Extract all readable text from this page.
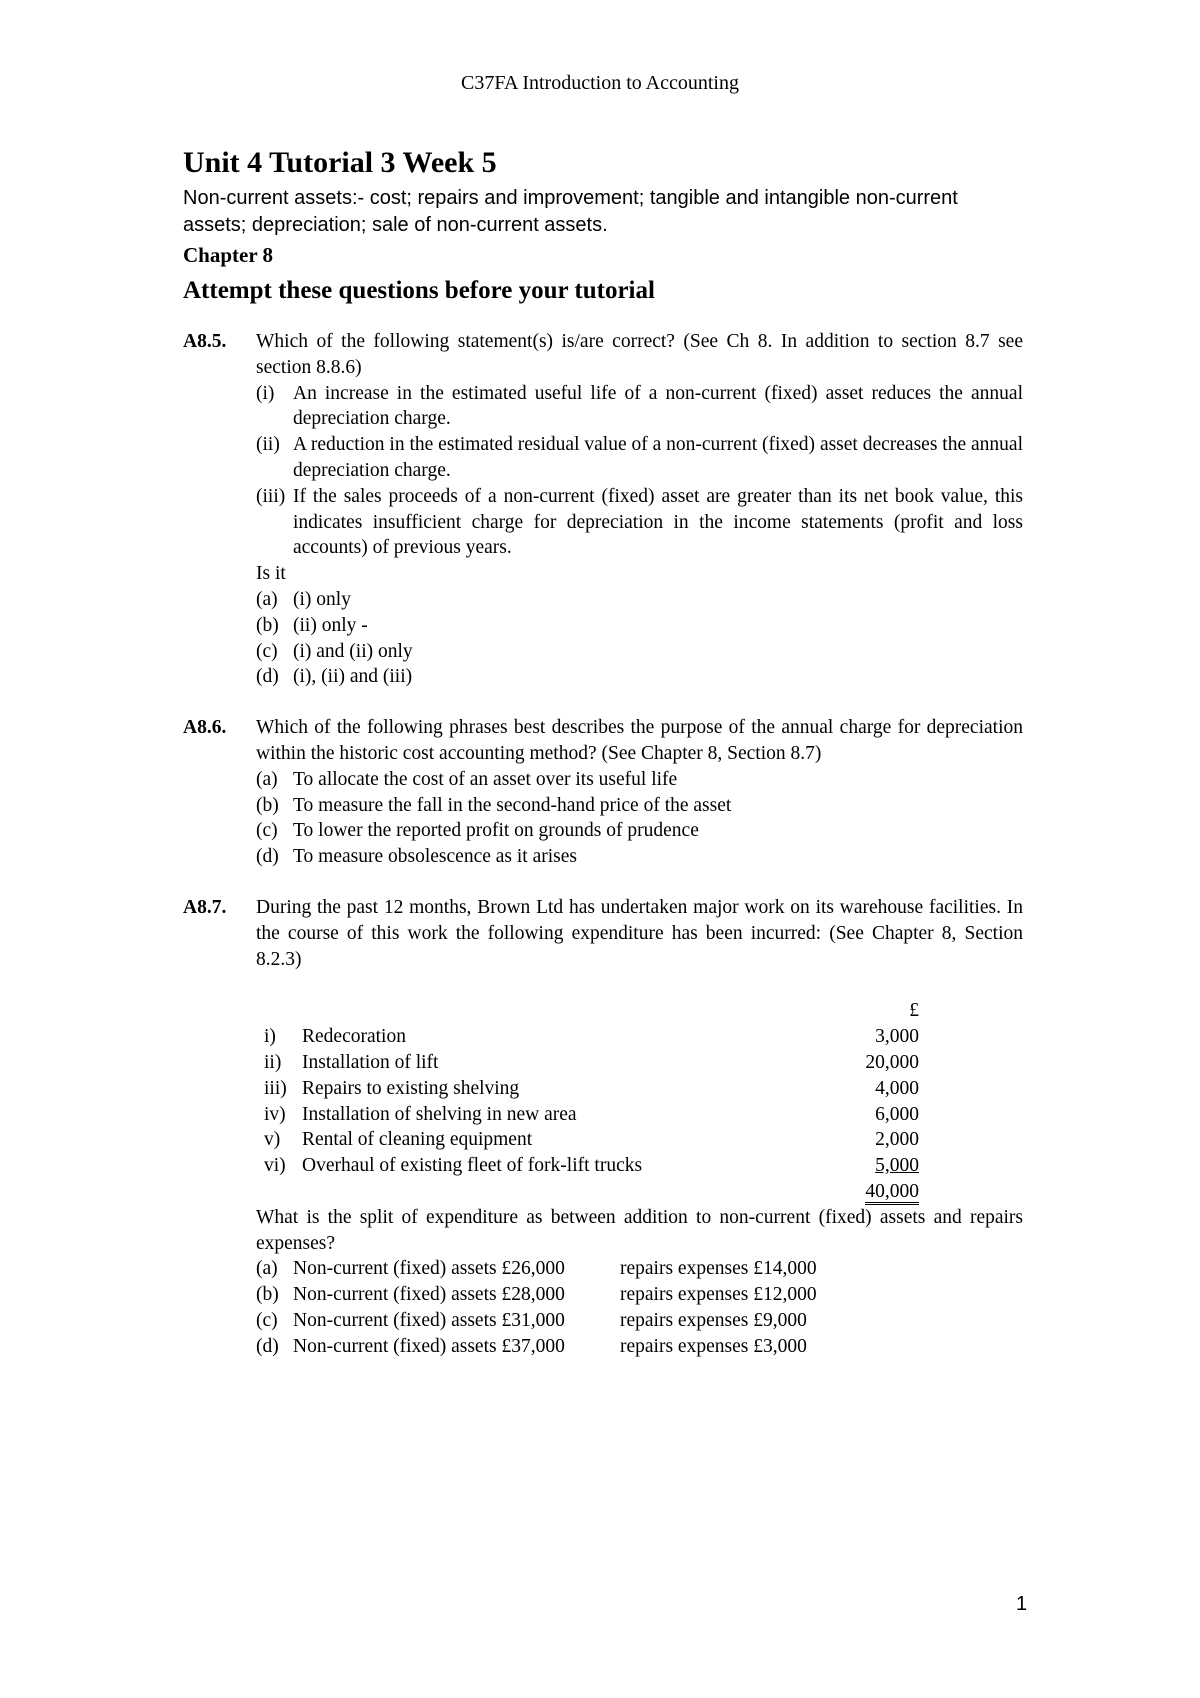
C37FA Introduction to Accounting
Unit 4 Tutorial 3 Week 5
Non-current assets:- cost; repairs and improvement; tangible and intangible non-current assets; depreciation; sale of non-current assets.
Chapter 8
Attempt these questions before your tutorial
A8.5. Which of the following statement(s) is/are correct? (See Ch 8. In addition to section 8.7 see section 8.8.6)
(i) An increase in the estimated useful life of a non-current (fixed) asset reduces the annual depreciation charge.
(ii) A reduction in the estimated residual value of a non-current (fixed) asset decreases the annual depreciation charge.
(iii) If the sales proceeds of a non-current (fixed) asset are greater than its net book value, this indicates insufficient charge for depreciation in the income statements (profit and loss accounts) of previous years.
Is it
(a) (i) only
(b) (ii) only -
(c) (i) and (ii) only
(d) (i), (ii) and (iii)
A8.6. Which of the following phrases best describes the purpose of the annual charge for depreciation within the historic cost accounting method? (See Chapter 8, Section 8.7)
(a) To allocate the cost of an asset over its useful life
(b) To measure the fall in the second-hand price of the asset
(c) To lower the reported profit on grounds of prudence
(d) To measure obsolescence as it arises
A8.7. During the past 12 months, Brown Ltd has undertaken major work on its warehouse facilities. In the course of this work the following expenditure has been incurred: (See Chapter 8, Section 8.2.3)
		£
i)	Redecoration	3,000
ii)	Installation of lift	20,000
iii)	Repairs to existing shelving	4,000
iv)	Installation of shelving in new area	6,000
v)	Rental of cleaning equipment	2,000
vi)	Overhaul of existing fleet of fork-lift trucks	5,000
		40,000
What is the split of expenditure as between addition to non-current (fixed) assets and repairs expenses?
(a) Non-current (fixed) assets £26,000	repairs expenses £14,000
(b) Non-current (fixed) assets £28,000	repairs expenses £12,000
(c) Non-current (fixed) assets £31,000	repairs expenses £9,000
(d) Non-current (fixed) assets £37,000	repairs expenses £3,000
1
